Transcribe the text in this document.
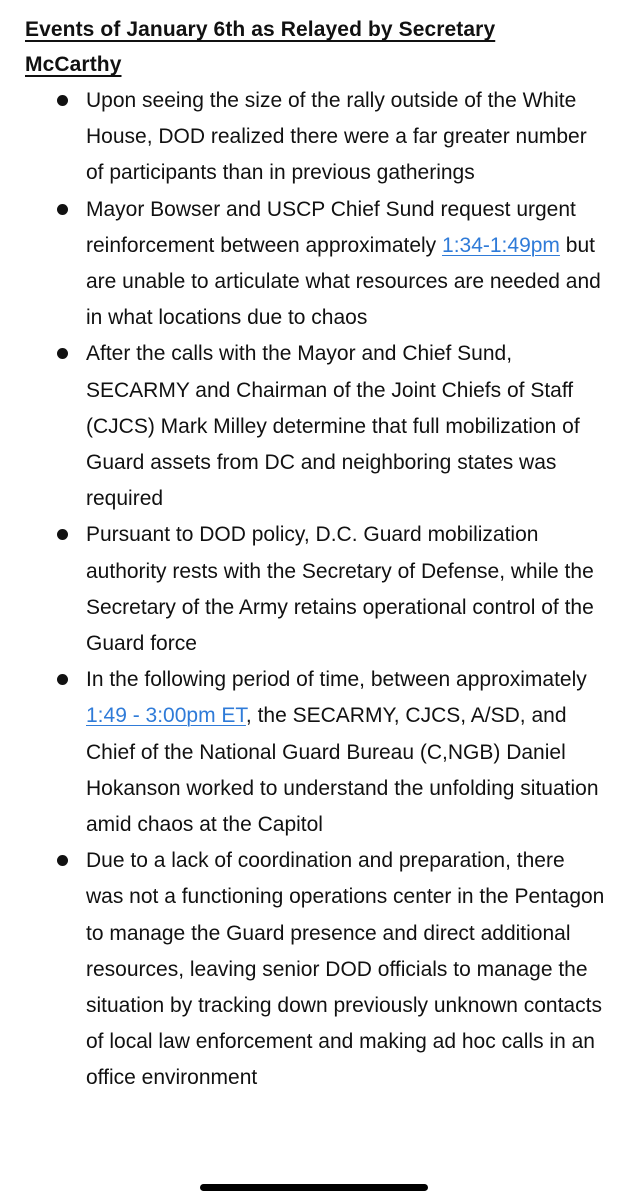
Events of January 6th as Relayed by Secretary McCarthy
Upon seeing the size of the rally outside of the White House, DOD realized there were a far greater number of participants than in previous gatherings
Mayor Bowser and USCP Chief Sund request urgent reinforcement between approximately 1:34-1:49pm but are unable to articulate what resources are needed and in what locations due to chaos
After the calls with the Mayor and Chief Sund, SECARMY and Chairman of the Joint Chiefs of Staff (CJCS) Mark Milley determine that full mobilization of Guard assets from DC and neighboring states was required
Pursuant to DOD policy, D.C. Guard mobilization authority rests with the Secretary of Defense, while the Secretary of the Army retains operational control of the Guard force
In the following period of time, between approximately 1:49 - 3:00pm ET, the SECARMY, CJCS, A/SD, and Chief of the National Guard Bureau (C,NGB) Daniel Hokanson worked to understand the unfolding situation amid chaos at the Capitol
Due to a lack of coordination and preparation, there was not a functioning operations center in the Pentagon to manage the Guard presence and direct additional resources, leaving senior DOD officials to manage the situation by tracking down previously unknown contacts of local law enforcement and making ad hoc calls in an office environment
